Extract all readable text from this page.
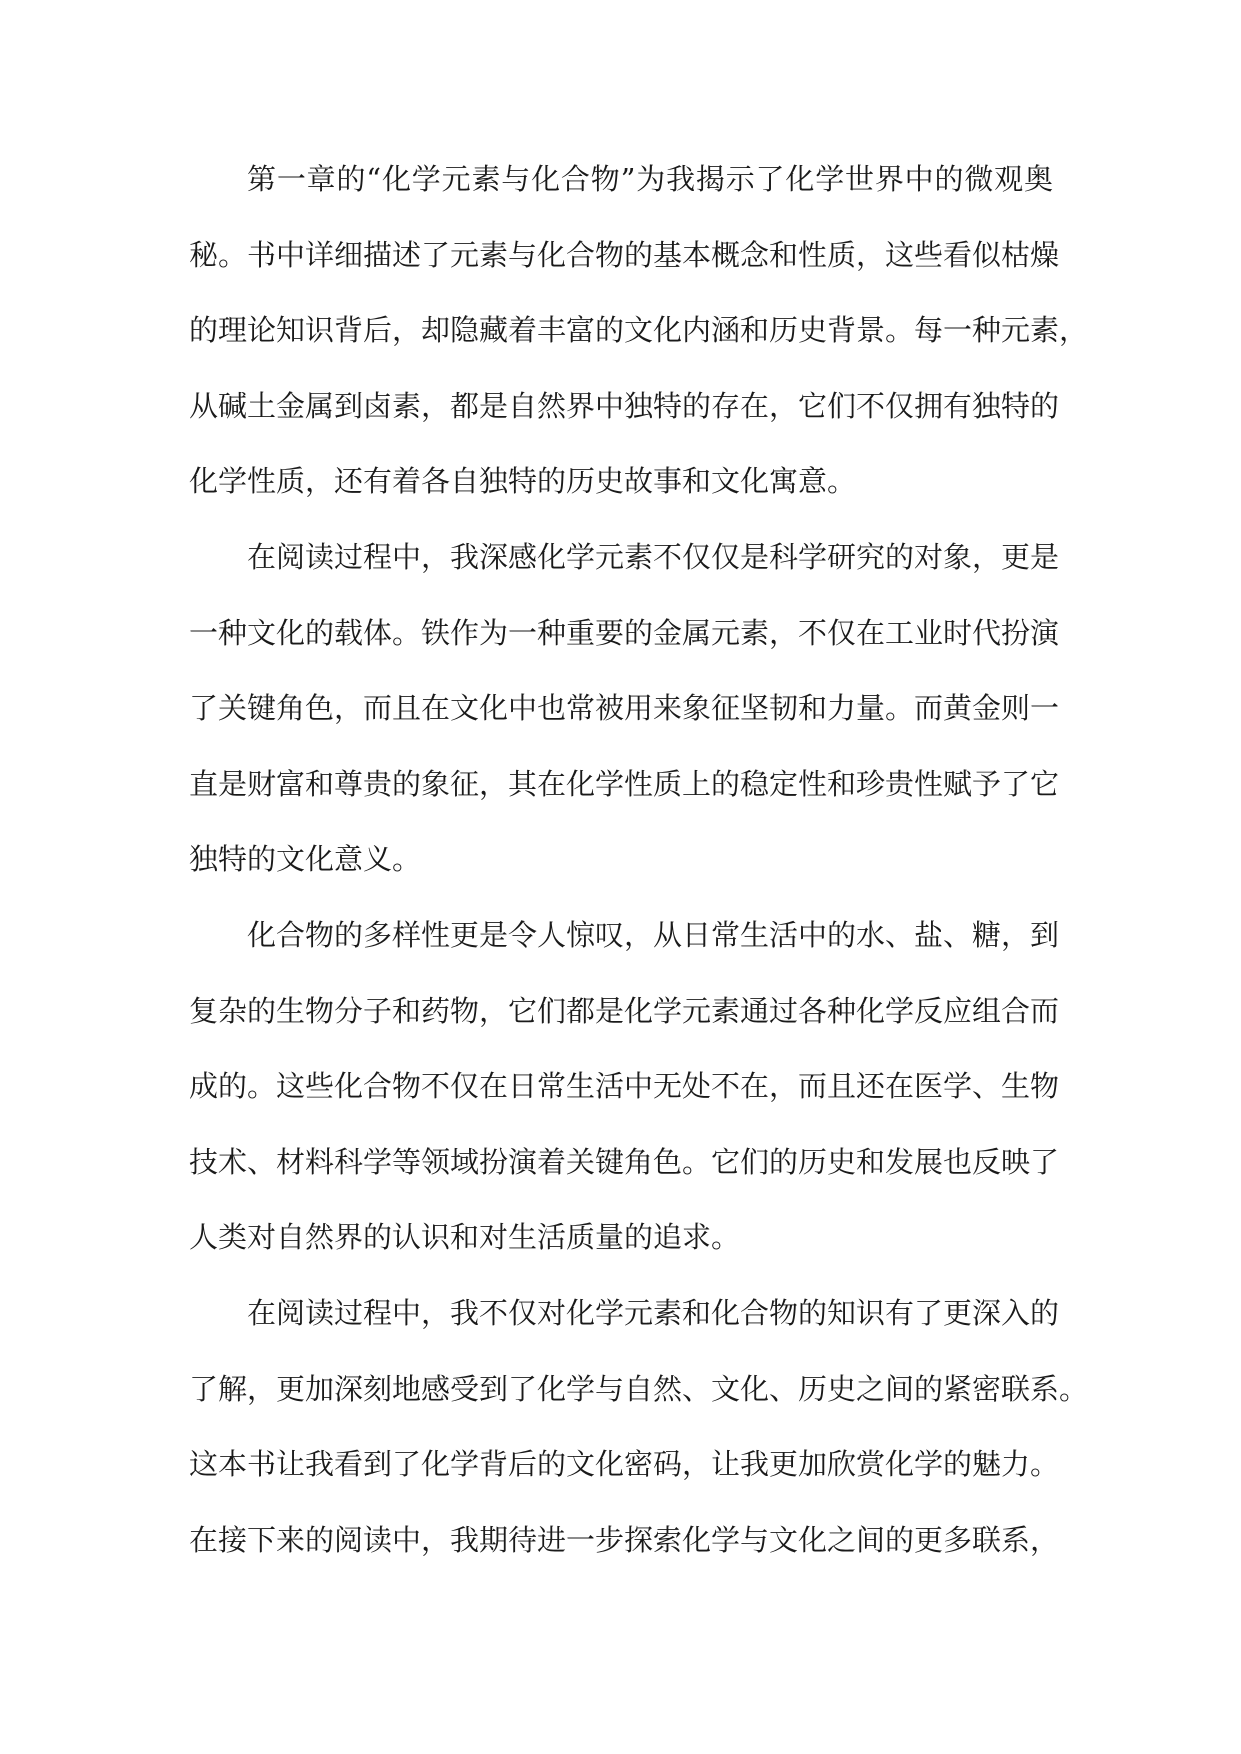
第一章的“化学元素与化合物”为我揭示了化学世界中的微观奥
秘。书中详细描述了元素与化合物的基本概念和性质，这些看似枯燥
的理论知识背后，却隐藏着丰富的文化内涵和历史背景。每一种元素，
从碱土金属到卤素，都是自然界中独特的存在，它们不仅拥有独特的
化学性质，还有着各自独特的历史故事和文化寓意。
在阅读过程中，我深感化学元素不仅仅是科学研究的对象，更是
一种文化的载体。铁作为一种重要的金属元素，不仅在工业时代扮演
了关键角色，而且在文化中也常被用来象征坚韧和力量。而黄金则一
直是财富和尊贵的象征，其在化学性质上的稳定性和珍贵性赋予了它
独特的文化意义。
化合物的多样性更是令人惊叹，从日常生活中的水、盐、糖，到
复杂的生物分子和药物，它们都是化学元素通过各种化学反应组合而
成的。这些化合物不仅在日常生活中无处不在，而且还在医学、生物
技术、材料科学等领域扮演着关键角色。它们的历史和发展也反映了
人类对自然界的认识和对生活质量的追求。
在阅读过程中，我不仅对化学元素和化合物的知识有了更深入的
了解，更加深刻地感受到了化学与自然、文化、历史之间的紧密联系。
这本书让我看到了化学背后的文化密码，让我更加欣赏化学的魅力。
在接下来的阅读中，我期待进一步探索化学与文化之间的更多联系，
